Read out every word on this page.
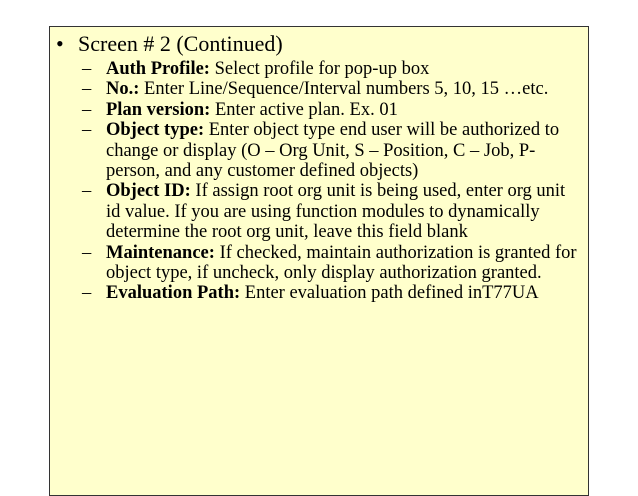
• Screen # 2 (Continued)
– Auth Profile: Select profile for pop-up box
– No.: Enter Line/Sequence/Interval numbers 5, 10, 15 …etc.
– Plan version: Enter active plan. Ex. 01
– Object type: Enter object type end user will be authorized to change or display (O – Org Unit, S – Position, C – Job, P- person, and any customer defined objects)
– Object ID: If assign root org unit is being used, enter org unit id value. If you are using function modules to dynamically determine the root org unit, leave this field blank
– Maintenance: If checked, maintain authorization is granted for object type, if uncheck, only display authorization granted.
– Evaluation Path: Enter evaluation path defined inT77UA
